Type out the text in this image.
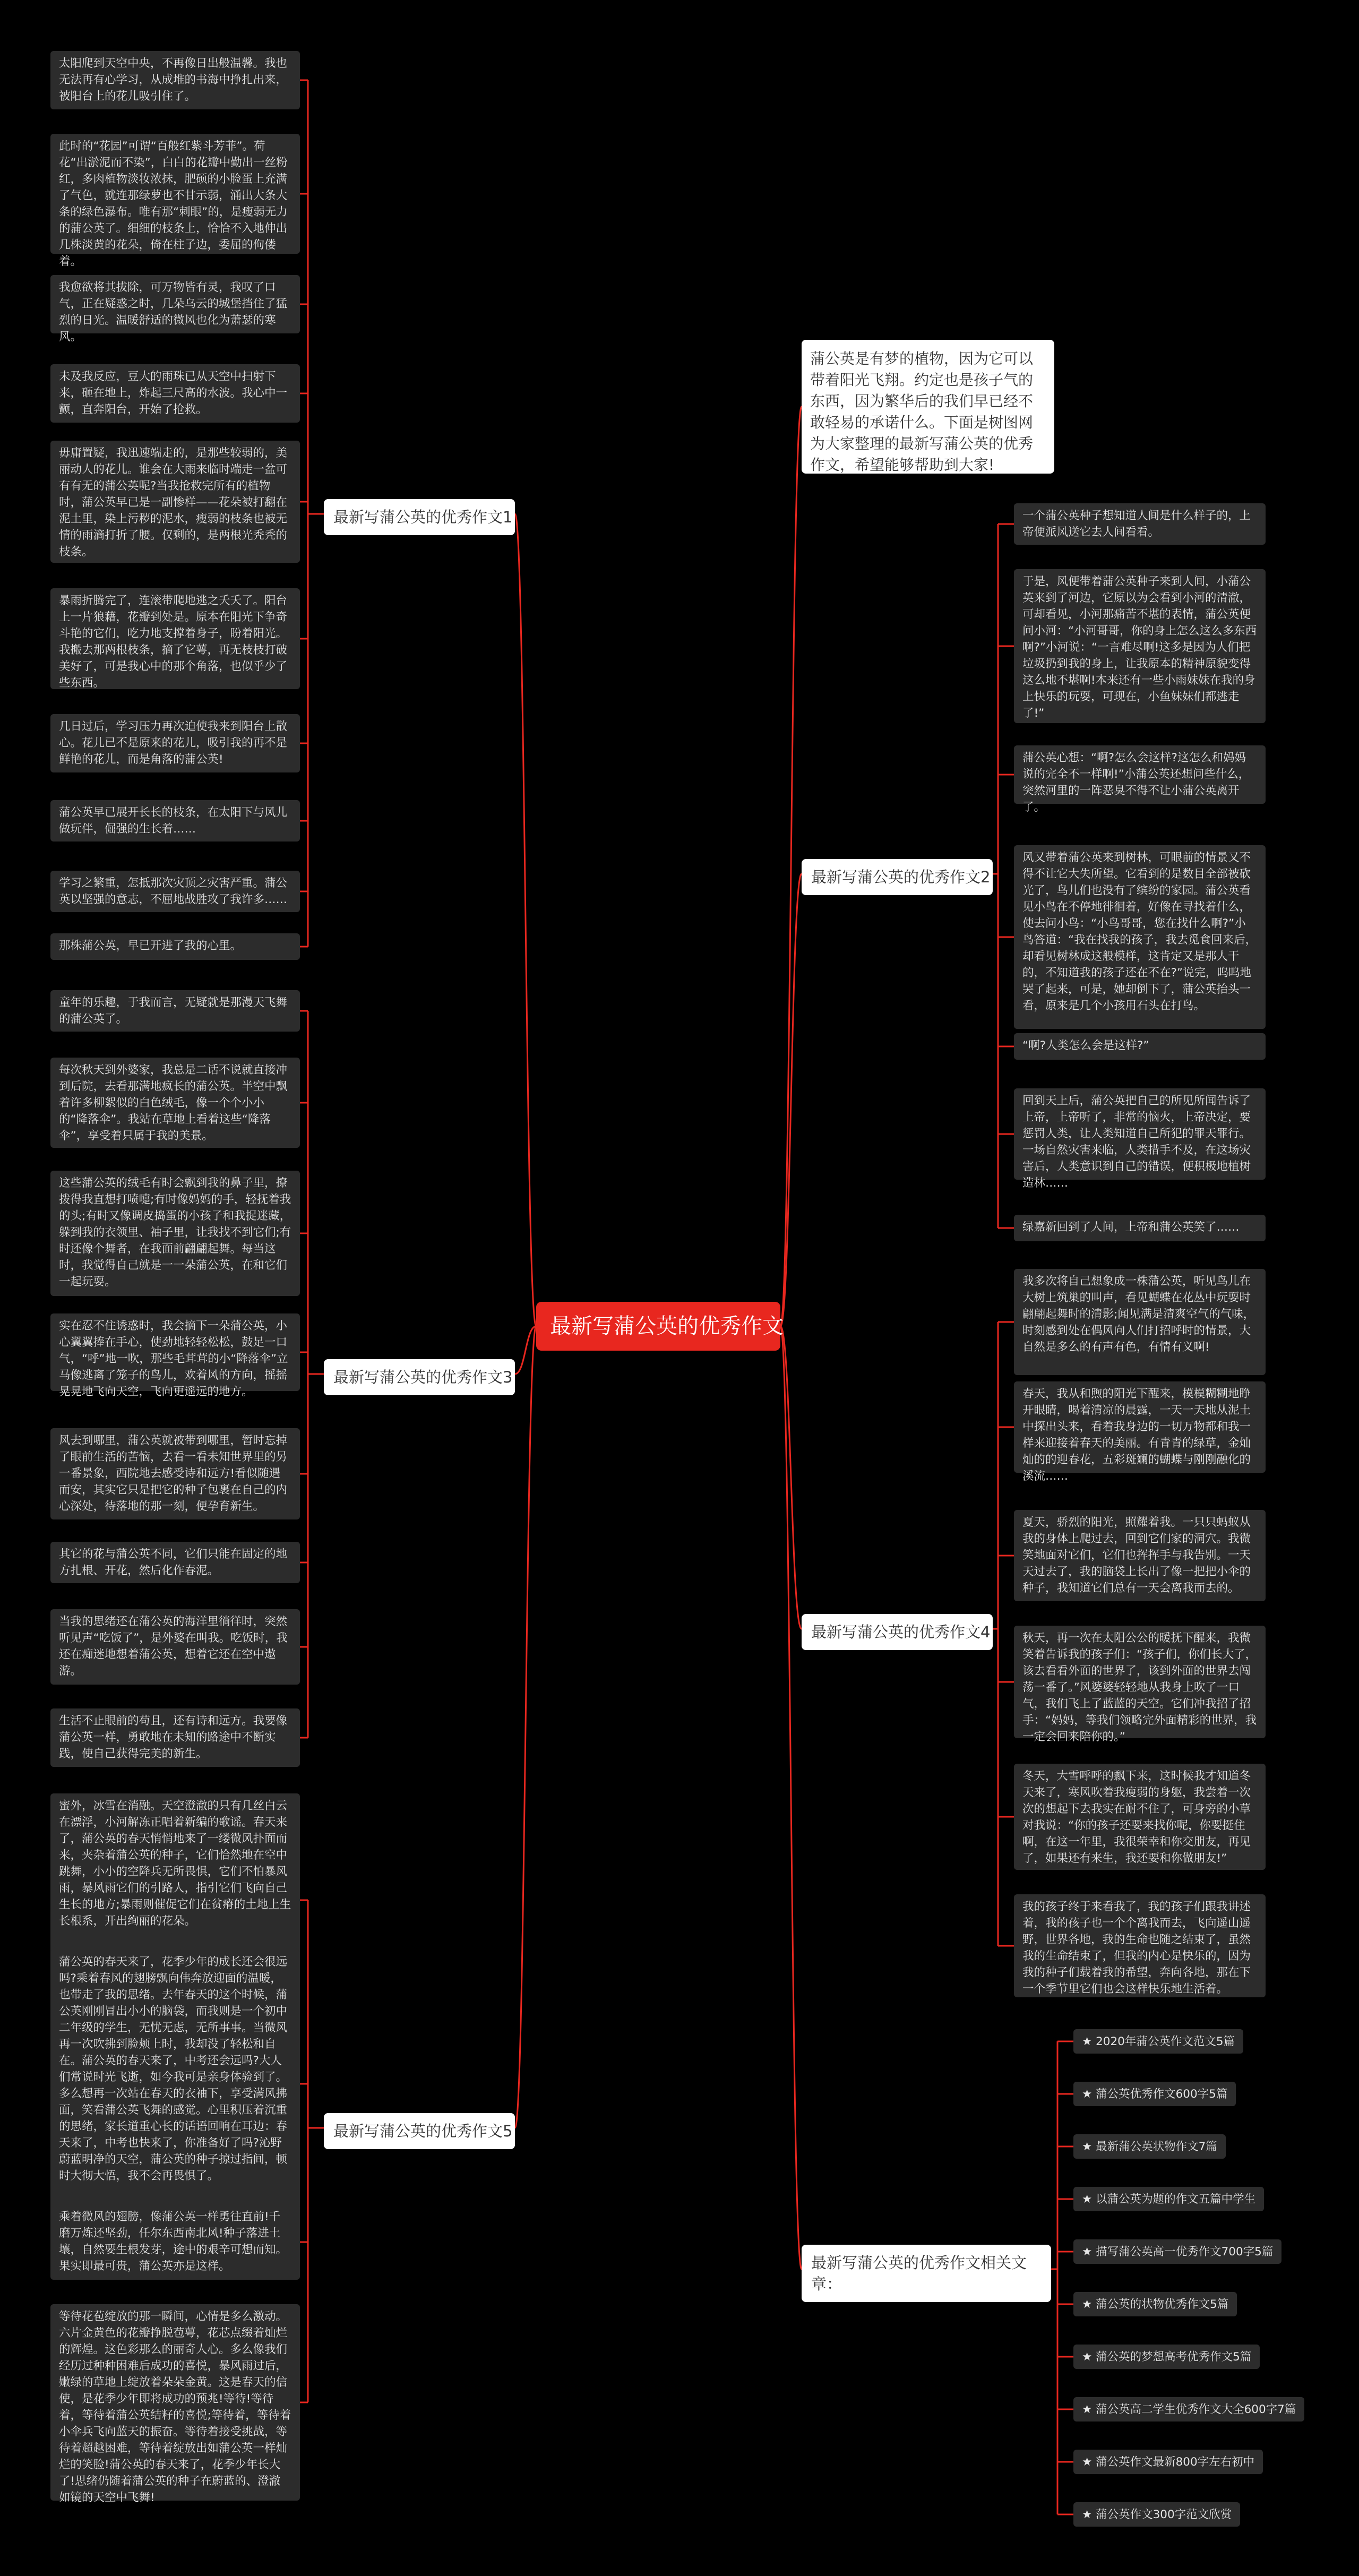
最新写蒲公英的优秀作文
蒲公英是有梦的植物，因为它可以带着阳光飞翔。约定也是孩子气的东西，因为繁华后的我们早已经不敢轻易的承诺什么。下面是树图网为大家整理的最新写蒲公英的优秀作文，希望能够帮助到大家!
最新写蒲公英的优秀作文1
太阳爬到天空中央，不再像日出般温馨。我也无法再有心学习，从成堆的书海中挣扎出来，被阳台上的花儿吸引住了。
此时的“花园”可谓“百般红紫斗芳菲”。荷花“出淤泥而不染”，白白的花瓣中勤出一丝粉红，多肉植物淡妆浓抹，肥硕的小脸蛋上充满了气色，就连那绿萝也不甘示弱，涌出大条大条的绿色瀑布。唯有那“刺眼”的，是瘦弱无力的蒲公英了。细细的枝条上，恰恰不入地伸出几株淡黄的花朵，倚在柱子边，委屈的佝偻着。
我愈欲将其拔除，可万物皆有灵，我叹了口气，正在疑惑之时，几朵乌云的城堡挡住了猛烈的日光。温暖舒适的微风也化为萧瑟的寒风。
未及我反应，豆大的雨珠已从天空中扫射下来，砸在地上，炸起三尺高的水波。我心中一颤，直奔阳台，开始了抢救。
毋庸置疑，我迅速端走的，是那些较弱的，美丽动人的花儿。谁会在大雨来临时端走一盆可有有无的蒲公英呢?当我抢救完所有的植物时，蒲公英早已是一副惨样——花朵被打翻在泥土里，染上污秽的泥水，瘦弱的枝条也被无情的雨滴打折了腰。仅剩的，是两根光秃秃的枝条。
暴雨折腾完了，连滚带爬地逃之夭夭了。阳台上一片狼藉，花瓣到处是。原本在阳光下争奇斗艳的它们，吃力地支撑着身子，盼着阳光。我搬去那两根枝条，摘了它萼，再无枝枝打破美好了，可是我心中的那个角落，也似乎少了些东西。
几日过后，学习压力再次迫使我来到阳台上散心。花儿已不是原来的花儿，吸引我的再不是鲜艳的花儿，而是角落的蒲公英!
蒲公英早已展开长长的枝条，在太阳下与风儿做玩伴，倔强的生长着……
学习之繁重，怎抵那次灾顶之灾害严重。蒲公英以坚强的意志，不屈地战胜攻了我许多……
那株蒲公英，早已开进了我的心里。
最新写蒲公英的优秀作文3
童年的乐趣，于我而言，无疑就是那漫天飞舞的蒲公英了。
每次秋天到外婆家，我总是二话不说就直接冲到后院，去看那满地疯长的蒲公英。半空中飘着许多柳絮似的白色绒毛，像一个个小小的“降落伞”。我站在草地上看着这些“降落伞”，享受着只属于我的美景。
这些蒲公英的绒毛有时会飘到我的鼻子里，撩拨得我直想打喷嚏;有时像妈妈的手，轻抚着我的头;有时又像调皮捣蛋的小孩子和我捉迷藏，躲到我的衣领里、袖子里，让我找不到它们;有时还像个舞者，在我面前翩翩起舞。每当这时，我觉得自己就是一一朵蒲公英，在和它们一起玩耍。
实在忍不住诱惑时，我会摘下一朵蒲公英，小心翼翼捧在手心，使劲地轻轻松松，鼓足一口气，“呼”地一吹，那些毛茸茸的小“降落伞”立马像逃离了笼子的鸟儿，欢着风的方向，摇摇晃晃地飞向天空，飞向更遥远的地方。
风去到哪里，蒲公英就被带到哪里，暂时忘掉了眼前生活的苦恼，去看一看未知世界里的另一番景象，西院地去感受诗和远方!看似随遇而安，其实它只是把它的种子包裹在自己的内心深处，待落地的那一刻，便孕育新生。
其它的花与蒲公英不同，它们只能在固定的地方扎根、开花，然后化作春泥。
当我的思绪还在蒲公英的海洋里徜徉时，突然听见声“吃饭了”，是外婆在叫我。吃饭时，我还在痴迷地想着蒲公英，想着它还在空中遨游。
生活不止眼前的苟且，还有诗和远方。我要像蒲公英一样，勇敢地在未知的路途中不断实践，使自己获得完美的新生。
最新写蒲公英的优秀作文5
蜜外，冰雪在消融。天空澄澈的只有几丝白云在漂浮，小河解冻正唱着新编的歌谣。春天来了，蒲公英的春天悄悄地来了一缕微风扑面而来，夹杂着蒲公英的种子，它们恰然地在空中跳舞，小小的空降兵无所畏惧，它们不怕暴风雨，暴风雨它们的引路人，指引它们飞向自己生长的地方;暴雨则催促它们在贫瘠的土地上生长根系，开出绚丽的花朵。
蒲公英的春天来了，花季少年的成长还会很远吗?乘着春风的翅膀飘向伟奔放迎面的温暖，也带走了我的思绪。去年春天的这个时候，蒲公英刚刚冒出小小的脑袋，而我则是一个初中二年级的学生，无忧无虑，无所事事。当微风再一次吹拂到脸颊上时，我却没了轻松和自在。蒲公英的春天来了，中考还会远吗?大人们常说时光飞逝，如今我可是亲身体验到了。多么想再一次站在春天的衣袖下，享受满风拂面，笑看蒲公英飞舞的感觉。心里积压着沉重的思绪，家长道重心长的话语回响在耳边：春天来了，中考也快来了，你准备好了吗?沁野蔚蓝明净的天空，蒲公英的种子掠过指间，顿时大彻大悟，我不会再畏惧了。
乘着微风的翅膀，像蒲公英一样勇往直前!千磨万炼还坚劲，任尔东西南北风!种子落进土壤，自然要生根发芽，途中的艰辛可想而知。果实即最可贵，蒲公英亦是这样。
等待花苞绽放的那一瞬间，心情是多么激动。六片金黄色的花瓣挣脱苞萼，花芯点缀着灿烂的辉煌。这色彩那么的丽奇人心。多么像我们经历过种种困难后成功的喜悦，暴风雨过后，嫩绿的草地上绽放着朵朵金黄。这是春天的信使，是花季少年即将成功的预兆!等待!等待着，等待着蒲公英结籽的喜悦;等待着，等待着小伞兵飞向蓝天的振奋。等待着接受挑战，等待着超越困难，等待着绽放出如蒲公英一样灿烂的笑脸!蒲公英的春天来了，花季少年长大了!思绪仍随着蒲公英的种子在蔚蓝的、澄澈如镜的天空中飞舞!
最新写蒲公英的优秀作文2
一个蒲公英种子想知道人间是什么样子的，上帝便派风送它去人间看看。
于是，风便带着蒲公英种子来到人间，小蒲公英来到了河边，它原以为会看到小河的清澈，可却看见，小河那痛苦不堪的表情，蒲公英便问小河：“小河哥哥，你的身上怎么这么多东西啊?”小河说：“一言难尽啊!这多是因为人们把垃圾扔到我的身上，让我原本的精神原貌变得这么地不堪啊!本来还有一些小雨妹妹在我的身上快乐的玩耍，可现在，小鱼妹妹们都逃走了!”
蒲公英心想：“啊?怎么会这样?这怎么和妈妈说的完全不一样啊!”小蒲公英还想问些什么，突然河里的一阵恶臭不得不让小蒲公英离开了。
风又带着蒲公英来到树林，可眼前的情景又不得不让它大失所望。它看到的是数目全部被砍光了，鸟儿们也没有了缤纷的家园。蒲公英看见小鸟在不停地徘徊着，好像在寻找着什么，使去问小鸟：“小鸟哥哥，您在找什么啊?”小鸟答道：“我在找我的孩子，我去觅食回来后，却看见树林成这般模样，这肯定又是那人干的，不知道我的孩子还在不在?”说完，呜呜地哭了起来，可是，她却倒下了，蒲公英抬头一看，原来是几个小孩用石头在打鸟。
“啊?人类怎么会是这样?”
回到天上后，蒲公英把自己的所见所闻告诉了上帝，上帝听了，非常的恼火，上帝决定，要惩罚人类，让人类知道自己所犯的罪天罪行。一场自然灾害来临，人类措手不及，在这场灾害后，人类意识到自己的错误，便积极地植树造林……
绿嘉新回到了人间，上帝和蒲公英笑了……
最新写蒲公英的优秀作文4
我多次将自己想象成一株蒲公英，听见鸟儿在大树上筑巢的叫声，看见蝴蝶在花丛中玩耍时翩翩起舞时的清影;闻见满是清爽空气的气味，时刻感到处在偶风向人们打招呼时的情景，大自然是多么的有声有色，有情有义啊!
春天，我从和煦的阳光下醒来，模模糊糊地睁开眼睛，喝着清凉的晨露，一天一天地从泥土中探出头来，看着我身边的一切万物都和我一样来迎接着春天的美丽。有青青的绿草，金灿灿的的迎春花，五彩斑斓的蝴蝶与刚刚融化的溪流……
夏天，骄烈的阳光，照耀着我。一只只蚂蚁从我的身体上爬过去，回到它们家的洞穴。我微笑地面对它们，它们也挥挥手与我告别。一天天过去了，我的脑袋上长出了像一把把小伞的种子，我知道它们总有一天会离我而去的。
秋天，再一次在太阳公公的暖抚下醒来，我微笑着告诉我的孩子们：“孩子们，你们长大了，该去看看外面的世界了，该到外面的世界去闯荡一番了。”风婆婆轻轻地从我身上吹了一口气，我们飞上了蓝蓝的天空。它们冲我招了招手：“妈妈，等我们领略完外面精彩的世界，我一定会回来陪你的。”
冬天，大雪呼呼的飘下来，这时候我才知道冬天来了，寒风吹着我瘦弱的身躯，我尝着一次次的想起下去我实在耐不住了，可身旁的小草对我说：“你的孩子还要来找你呢，你要挺住啊，在这一年里，我很荣幸和你交朋友，再见了，如果还有来生，我还要和你做朋友!”
我的孩子终于来看我了，我的孩子们跟我讲述着，我的孩子也一个个离我而去，飞向遥山遥野，世界各地，我的生命也随之结束了，虽然我的生命结束了，但我的内心是快乐的，因为我的种子们载着我的希望，奔向各地，那在下一个季节里它们也会这样快乐地生活着。
最新写蒲公英的优秀作文相关文章：
★ 2020年蒲公英作文范文5篇
★ 蒲公英优秀作文600字5篇
★ 最新蒲公英状物作文7篇
★ 以蒲公英为题的作文五篇中学生
★ 描写蒲公英高一优秀作文700字5篇
★ 蒲公英的状物优秀作文5篇
★ 蒲公英的梦想高考优秀作文5篇
★ 蒲公英高二学生优秀作文大全600字7篇
★ 蒲公英作文最新800字左右初中
★ 蒲公英作文300字范文欣赏
